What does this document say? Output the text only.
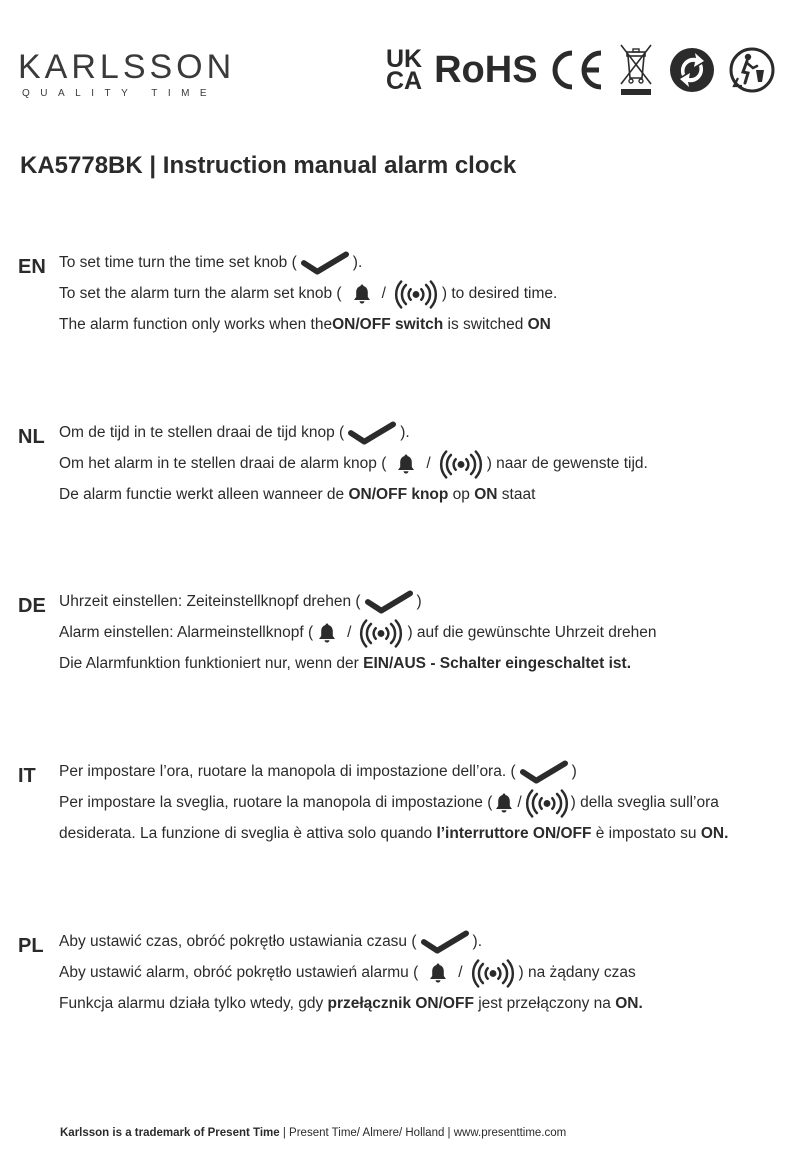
KARLSSON
QUALITY TIME
UK
CA RoHS
KA5778BK | Instruction manual alarm clock
EN To set time turn the time set knob (	).
To set the alarm turn the alarm set knob (	/	) to desired time.
The alarm function only works when the ON/OFF switch is switched ON
NL Om de tijd in te stellen draai de tijd knop (	).
Om het alarm in te stellen draai de alarm knop (	/	) naar de gewenste tijd.
De alarm functie werkt alleen wanneer de ON/OFF knop op ON staat
DE Uhrzeit einstellen: Zeiteinstellknopf drehen (	)
Alarm einstellen: Alarmeinstellknopf ( /	) auf die gewünschte Uhrzeit drehen
Die Alarmfunktion funktioniert nur, wenn der EIN/AUS - Schalter eingeschaltet ist.
IT Per impostare l’ora, ruotare la manopola di impostazione dell’ora. (	)
Per impostare la sveglia, ruotare la manopola di impostazione ( /	) della sveglia sull’ora
desiderata. La funzione di sveglia è attiva solo quando l’interruttore ON/OFF è impostato su ON.
PL Aby ustawić czas, obróć pokrętło ustawiania czasu (	).
Aby ustawić alarm, obróć pokrętło ustawień alarmu (	/	) na żądany czas
Funkcja alarmu działa tylko wtedy, gdy przełącznik ON/OFF jest przełączony na ON.
Karlsson is a trademark of Present Time | Present Time/ Almere/ Holland | www.presenttime.com
